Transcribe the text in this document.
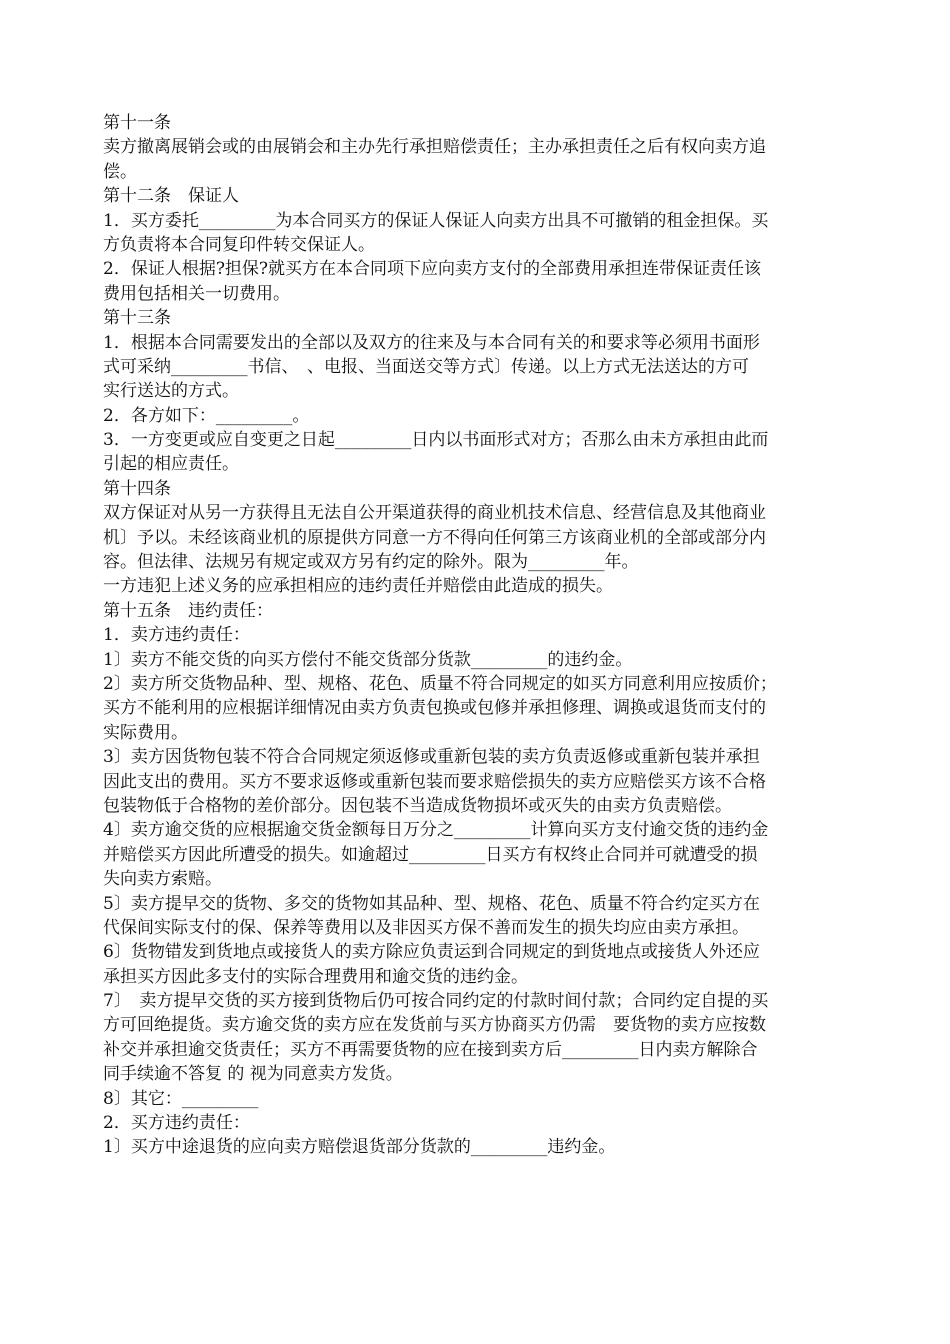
第十一条
卖方撤离展销会或的由展销会和主办先行承担赔偿责任；主办承担责任之后有权向卖方追
偿。
第十二条　保证人
1．买方委托_________为本合同买方的保证人保证人向卖方出具不可撤销的租金担保。买
方负责将本合同复印件转交保证人。
2．保证人根据?担保?就买方在本合同项下应向卖方支付的全部费用承担连带保证责任该
费用包括相关一切费用。
第十三条
1．根据本合同需要发出的全部以及双方的往来及与本合同有关的和要求等必须用书面形
式可采纳_________书信、　、电报、当面送交等方式〕传递。以上方式无法送达的方可
实行送达的方式。
2．各方如下：_________。
3．一方变更或应自变更之日起_________日内以书面形式对方；否那么由未方承担由此而
引起的相应责任。
第十四条
双方保证对从另一方获得且无法自公开渠道获得的商业机技术信息、经营信息及其他商业
机〕予以。未经该商业机的原提供方同意一方不得向任何第三方该商业机的全部或部分内
容。但法律、法规另有规定或双方另有约定的除外。限为_________年。
一方违犯上述义务的应承担相应的违约责任并赔偿由此造成的损失。
第十五条　违约责任：
1．卖方违约责任：
1〕卖方不能交货的向买方偿付不能交货部分货款_________的违约金。
2〕卖方所交货物品种、型、规格、花色、质量不符合同规定的如买方同意利用应按质价；
买方不能利用的应根据详细情况由卖方负责包换或包修并承担修理、调换或退货而支付的
实际费用。
3〕卖方因货物包装不符合合同规定须返修或重新包装的卖方负责返修或重新包装并承担
因此支出的费用。买方不要求返修或重新包装而要求赔偿损失的卖方应赔偿买方该不合格
包装物低于合格物的差价部分。因包装不当造成货物损坏或灭失的由卖方负责赔偿。
4〕卖方逾交货的应根据逾交货金额每日万分之_________计算向买方支付逾交货的违约金
并赔偿买方因此所遭受的损失。如逾超过_________日买方有权终止合同并可就遭受的损
失向卖方索赔。
5〕卖方提早交的货物、多交的货物如其品种、型、规格、花色、质量不符合约定买方在
代保间实际支付的保、保养等费用以及非因买方保不善而发生的损失均应由卖方承担。
6〕货物错发到货地点或接货人的卖方除应负责运到合同规定的到货地点或接货人外还应
承担买方因此多支付的实际合理费用和逾交货的违约金。
7〕　卖方提早交货的买方接到货物后仍可按合同约定的付款时间付款；合同约定自提的买
方可回绝提货。卖方逾交货的卖方应在发货前与买方协商买方仍需　要货物的卖方应按数
补交并承担逾交货责任；买方不再需要货物的应在接到卖方后_________日内卖方解除合
同手续逾不答复 的 视为同意卖方发货。
8〕其它：_________
2．买方违约责任：
1〕买方中途退货的应向卖方赔偿退货部分货款的_________违约金。
